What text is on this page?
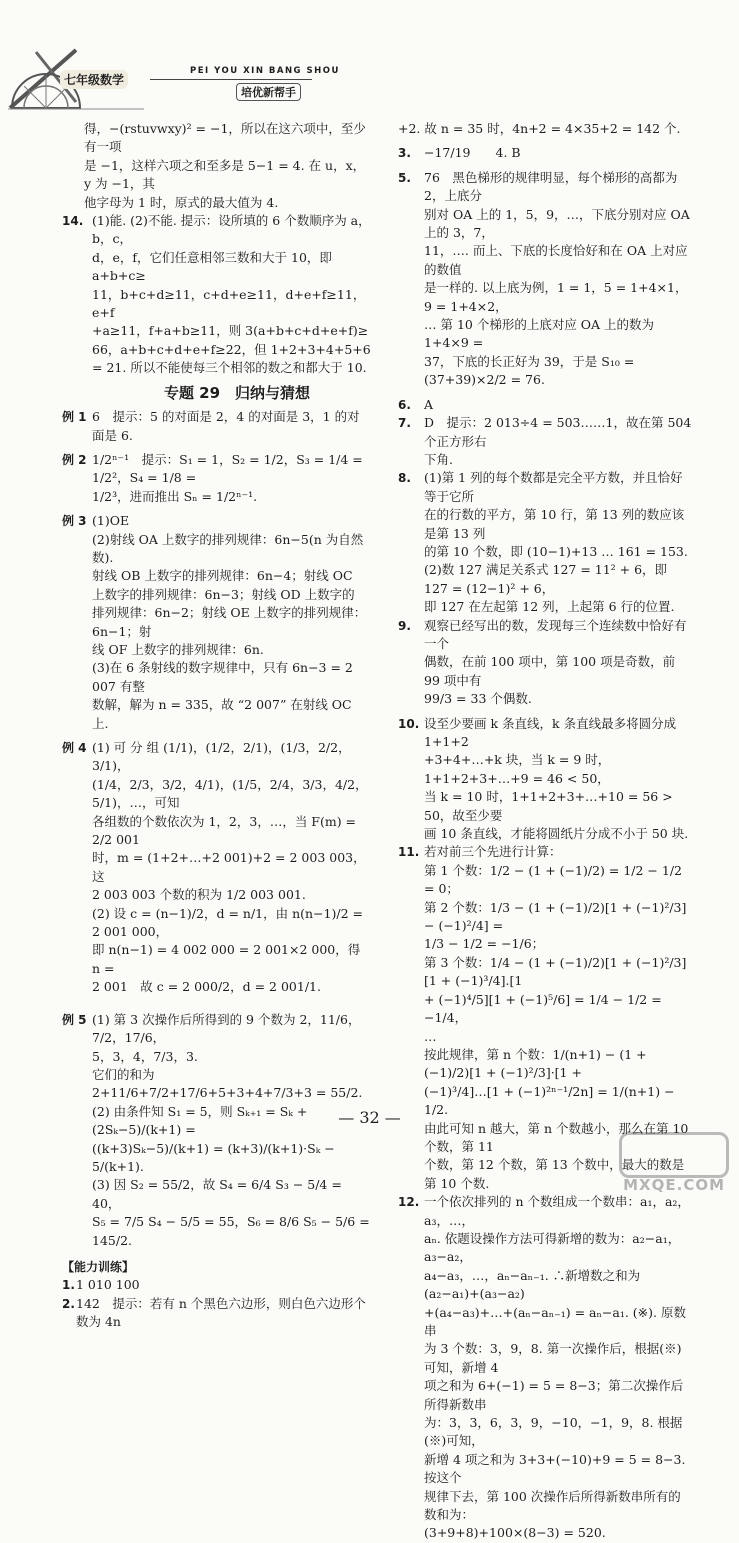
七年级数学
PEI YOU XIN BANG SHOU
培优新帮手
得，−(rstuvwxy)² = −1，所以在这六项中，至少有一项
是 −1，这样六项之和至多是 5−1 = 4. 在 u，x，y 为 −1，其
他字母为 1 时，原式的最大值为 4.
14. (1)能. (2)不能. 提示：设所填的 6 个数顺序为 a，b，c，
d，e，f，它们任意相邻三数和大于 10，即 a+b+c≥
11，b+c+d≥11，c+d+e≥11，d+e+f≥11，e+f
+a≥11，f+a+b≥11，则 3(a+b+c+d+e+f)≥
66，a+b+c+d+e+f≥22，但 1+2+3+4+5+6
= 21. 所以不能使每三个相邻的数之和都大于 10.
专题 29　归纳与猜想
例 1 6　提示：5 的对面是 2，4 的对面是 3，1 的对面是 6.
例 2 1/2ⁿ⁻¹　提示：S₁ = 1，S₂ = 1/2，S₃ = 1/4 = 1/2²，S₄ = 1/8 =
1/2³，进而推出 Sₙ = 1/2ⁿ⁻¹.
例 3 (1)OE
(2)射线 OA 上数字的排列规律：6n−5(n 为自然数).
射线 OB 上数字的排列规律：6n−4；射线 OC
上数字的排列规律：6n−3；射线 OD 上数字的
排列规律：6n−2；射线 OE 上数字的排列规律：6n−1；射
线 OF 上数字的排列规律：6n.
(3)在 6 条射线的数字规律中，只有 6n−3 = 2 007 有整
数解，解为 n = 335，故 “2 007” 在射线 OC 上.
例 4 (1) 可 分 组 (1/1)，(1/2，2/1)，(1/3，2/2，3/1)，
(1/4，2/3，3/2，4/1)，(1/5，2/4，3/3，4/2，5/1)，…，可知
各组数的个数依次为 1，2，3，…，当 F(m) = 2/2 001
时，m = (1+2+…+2 001)+2 = 2 003 003，这
2 003 003 个数的积为 1/2 003 001.
(2) 设 c = (n−1)/2，d = n/1，由 n(n−1)/2 = 2 001 000，
即 n(n−1) = 4 002 000 = 2 001×2 000，得 n =
2 001　故 c = 2 000/2，d = 2 001/1.
例 5 (1) 第 3 次操作后所得到的 9 个数为 2，11/6，7/2，17/6，
5，3，4，7/3，3.
它们的和为 2+11/6+7/2+17/6+5+3+4+7/3+3 = 55/2.
(2) 由条件知 S₁ = 5，则 Sₖ₊₁ = Sₖ + (2Sₖ−5)/(k+1) =
((k+3)Sₖ−5)/(k+1) = (k+3)/(k+1)·Sₖ − 5/(k+1).
(3) 因 S₂ = 55/2，故 S₄ = 6/4 S₃ − 5/4 = 40，
S₅ = 7/5 S₄ − 5/5 = 55，S₆ = 8/6 S₅ − 5/6 = 145/2.
【能力训练】
1. 1 010 100
2. 142　提示：若有 n 个黑色六边形，则白色六边形个数为 4n
+2. 故 n = 35 时，4n+2 = 4×35+2 = 142 个.
3. −17/19　　4. B
5. 76　黑色梯形的规律明显，每个梯形的高都为 2，上底分
别对 OA 上的 1，5，9，…，下底分别对应 OA 上的 3，7，
11，…. 而上、下底的长度恰好和在 OA 上对应的数值
是一样的. 以上底为例，1 = 1，5 = 1+4×1，9 = 1+4×2，
… 第 10 个梯形的上底对应 OA 上的数为 1+4×9 =
37，下底的长正好为 39，于是 S₁₀ = (37+39)×2/2 = 76.
6. A
7. D　提示：2 013÷4 = 503……1，故在第 504 个正方形右
下角.
8. (1)第 1 列的每个数都是完全平方数，并且恰好等于它所
在的行数的平方，第 10 行，第 13 列的数应该是第 13 列
的第 10 个数，即 (10−1)+13 … 161 = 153.
(2)数 127 满足关系式 127 = 11² + 6，即 127 = (12−1)² + 6，
即 127 在左起第 12 列，上起第 6 行的位置.
9. 观察已经写出的数，发现每三个连续数中恰好有一个
偶数，在前 100 项中，第 100 项是奇数，前 99 项中有
99/3 = 33 个偶数.
10. 设至少要画 k 条直线，k 条直线最多将圆分成 1+1+2
+3+4+…+k 块，当 k = 9 时，1+1+2+3+…+9 = 46 < 50，
当 k = 10 时，1+1+2+3+…+10 = 56 > 50，故至少要
画 10 条直线，才能将圆纸片分成不小于 50 块.
11. 若对前三个先进行计算：
第 1 个数：1/2 − (1 + (−1)/2) = 1/2 − 1/2 = 0；
第 2 个数：1/3 − (1 + (−1)/2)[1 + (−1)²/3] − (−1)²/4] =
1/3 − 1/2 = −1/6；
第 3 个数：1/4 − (1 + (−1)/2)[1 + (−1)²/3][1 + (−1)³/4].[1
+ (−1)⁴/5][1 + (−1)⁵/6] = 1/4 − 1/2 = −1/4，
…
按此规律，第 n 个数：1/(n+1) − (1 + (−1)/2)[1 + (−1)²/3]·[1 +
(−1)³/4]…[1 + (−1)²ⁿ⁻¹/2n] = 1/(n+1) − 1/2.
由此可知 n 越大，第 n 个数越小，那么在第 10 个数，第 11
个数，第 12 个数，第 13 个数中，最大的数是第 10 个数.
12. 一个依次排列的 n 个数组成一个数串：a₁，a₂，a₃，…，
aₙ. 依题设操作方法可得新增的数为：a₂−a₁，a₃−a₂，
a₄−a₃，…，aₙ−aₙ₋₁. ∴新增数之和为 (a₂−a₁)+(a₃−a₂)
+(a₄−a₃)+…+(aₙ−aₙ₋₁) = aₙ−a₁. (※). 原数串
为 3 个数：3，9，8. 第一次操作后，根据(※)可知，新增 4
项之和为 6+(−1) = 5 = 8−3；第二次操作后所得新数串
为：3，3，6，3，9，−10，−1，9，8. 根据(※)可知，
新增 4 项之和为 3+3+(−10)+9 = 5 = 8−3. 按这个
规律下去，第 100 次操作后所得新数串所有的数和为：
(3+9+8)+100×(8−3) = 520.
— 32 —
MXQE.COM
